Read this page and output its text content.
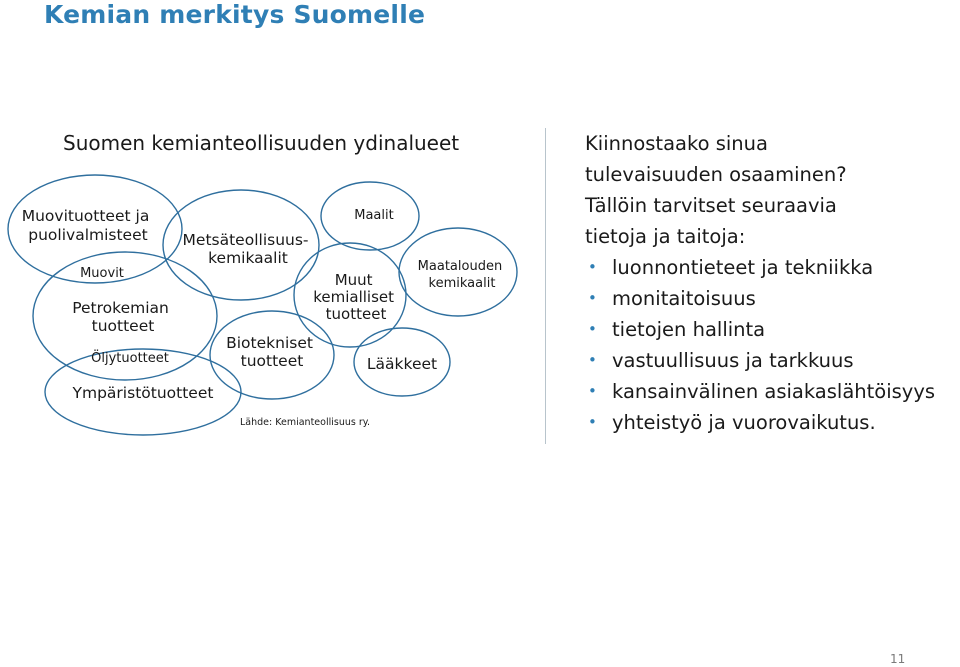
Kemian merkitys Suomelle
Suomen kemianteollisuuden ydinalueet
Muovituotteet ja puolivalmisteet
Muovit
Petrokemian tuotteet
Öljytuotteet
Ympäristötuotteet
Metsäteollisuus- kemikaalit
Maalit
Muut kemialliset tuotteet
Maatalouden kemikaalit
Biotekniset tuotteet	Lääkkeet
Lähde: Kemianteollisuus ry.
Kiinnostaako sinua
tulevaisuuden osaaminen?
Tällöin tarvitset seuraavia
tietoja ja taitoja:
• luonnontieteet ja tekniikka
• monitaitoisuus
• tietojen hallinta
• vastuullisuus ja tarkkuus
• kansainvälinen asiakaslähtöisyys
• yhteistyö ja vuorovaikutus.
11
